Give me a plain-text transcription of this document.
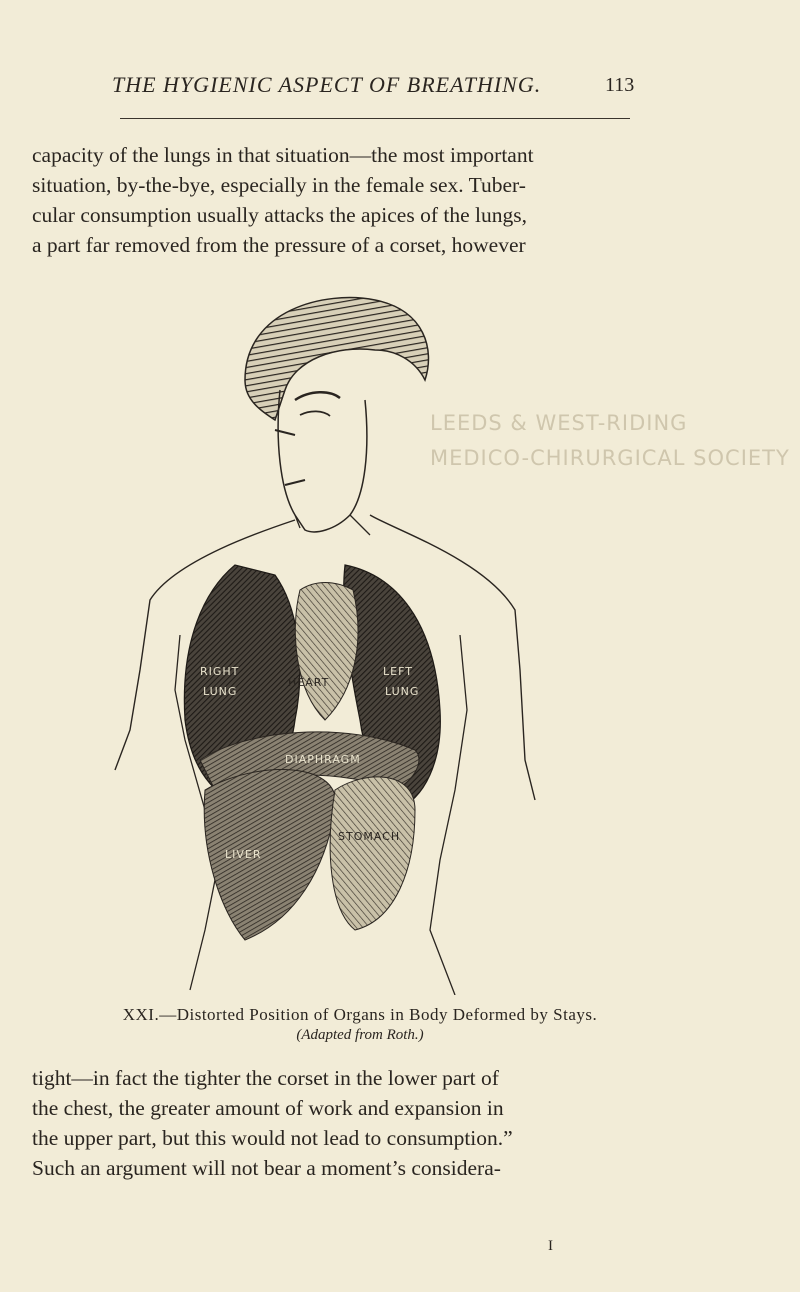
THE HYGIENIC ASPECT OF BREATHING.	113

capacity of the lungs in that situation—the most important
situation, by-the-bye, especially in the female sex. Tuber-
cular consumption usually attacks the apices of the lungs,
a part far removed from the pressure of a corset, however

RIGHT
LUNG
HEART
LEFT
LUNG
DIAPHRAGM
LIVER
STOMACH
LEEDS & WEST-RIDING
MEDICO-CHIRURGICAL SOCIETY
XXI.—Distorted Position of Organs in Body Deformed by Stays.
(Adapted from Roth.)

tight—in fact the tighter the corset in the lower part of
the chest, the greater amount of work and expansion in
the upper part, but this would not lead to consumption.”
Such an argument will not bear a moment’s considera-

I
